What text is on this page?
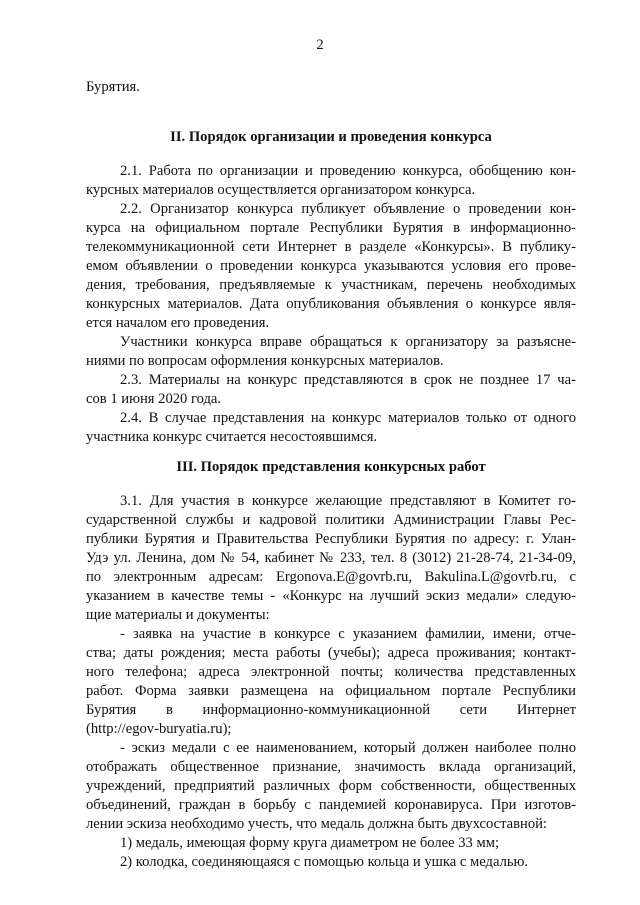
2
Бурятия.
II. Порядок организации и проведения конкурса
2.1. Работа по организации и проведению конкурса, обобщению кон-
курсных материалов осуществляется организатором конкурса.
2.2. Организатор конкурса публикует объявление о проведении кон-
курса на официальном портале Республики Бурятия в информационно-
телекоммуникационной сети Интернет в разделе «Конкурсы». В публику-
емом объявлении о проведении конкурса указываются условия его прове-
дения, требования, предъявляемые к участникам, перечень необходимых
конкурсных материалов. Дата опубликования объявления о конкурсе явля-
ется началом его проведения.
Участники конкурса вправе обращаться к организатору за разъясне-
ниями по вопросам оформления конкурсных материалов.
2.3. Материалы на конкурс представляются в срок не позднее 17 ча-
сов 1 июня 2020 года.
2.4. В случае представления на конкурс материалов только от одного
участника конкурс считается несостоявшимся.
III. Порядок представления конкурсных работ
3.1. Для участия в конкурсе желающие представляют в Комитет го-
сударственной службы и кадровой политики Администрации Главы Рес-
публики Бурятия и Правительства Республики Бурятия по адресу: г. Улан-
Удэ ул. Ленина, дом № 54, кабинет № 233, тел. 8 (3012) 21-28-74, 21-34-09,
по электронным адресам: Ergonova.E@govrb.ru, Bakulina.L@govrb.ru, с
указанием в качестве темы - «Конкурс на лучший эскиз медали» следую-
щие материалы и документы:
- заявка на участие в конкурсе с указанием фамилии, имени, отче-
ства; даты рождения; места работы (учебы); адреса проживания; контакт-
ного телефона; адреса электронной почты; количества представленных
работ. Форма заявки размещена на официальном портале Республики
Бурятия в информационно-коммуникационной сети Интернет
(http://egov-buryatia.ru);
- эскиз медали с ее наименованием, который должен наиболее полно
отображать общественное признание, значимость вклада организаций,
учреждений, предприятий различных форм собственности, общественных
объединений, граждан в борьбу с пандемией коронавируса. При изготов-
лении эскиза необходимо учесть, что медаль должна быть двухсоставной:
1) медаль, имеющая форму круга диаметром не более 33 мм;
2) колодка, соединяющаяся с помощью кольца и ушка с медалью.
